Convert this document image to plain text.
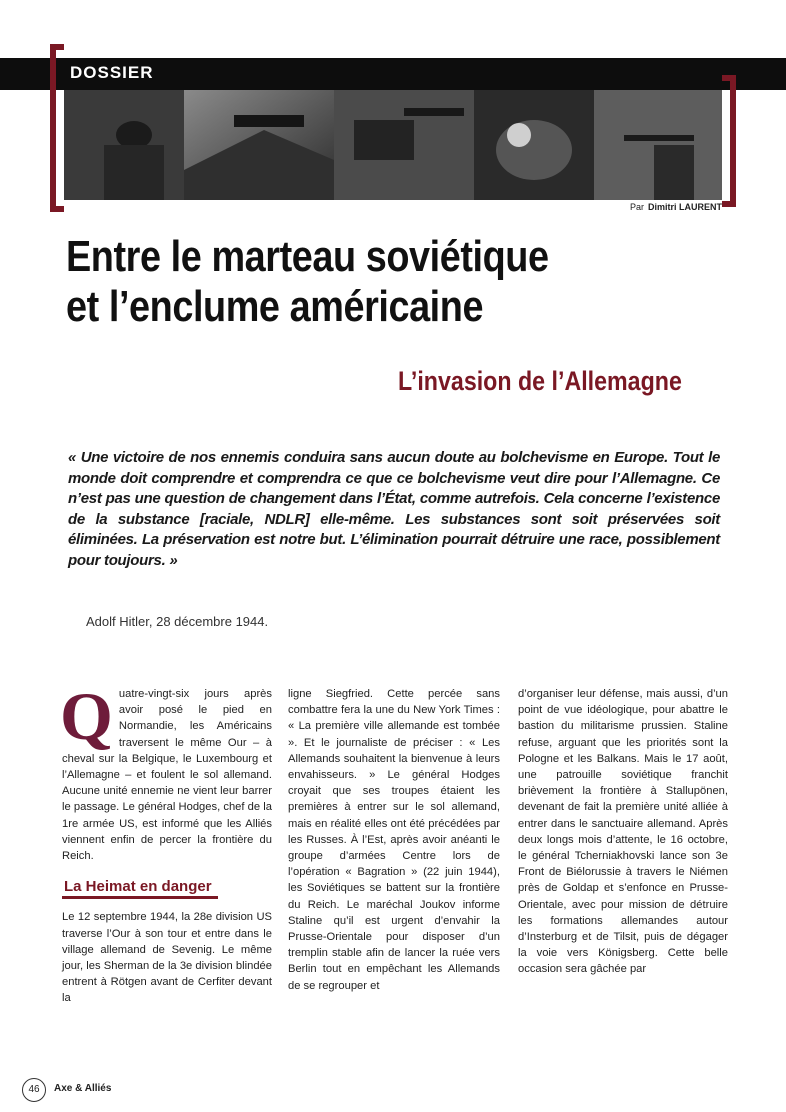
DOSSIER
Par Dimitri LAURENT
Entre le marteau soviétique
et l’enclume américaine
L’invasion de l’Allemagne

« Une victoire de nos ennemis conduira sans aucun doute au bolchevisme en Europe. Tout le monde doit comprendre et comprendra ce que ce bolchevisme veut dire pour l’Allemagne. Ce n’est pas une question de changement dans l’État, comme autrefois. Cela concerne l’existence de la substance [raciale, NDLR] elle-même. Les substances sont soit préservées soit éliminées. La préservation est notre but. L’élimination pourrait détruire une race, possiblement pour toujours. »

Adolf Hitler, 28 décembre 1944.
Q uatre-vingt-six jours après avoir posé le pied en Normandie, les Américains traversent le même Our – à cheval sur la Belgique, le Luxembourg et l’Allemagne – et foulent le sol allemand. Aucune unité ennemie ne vient leur barrer le passage. Le général Hodges, chef de la 1re armée US, est informé que les Alliés viennent enfin de percer la frontière du Reich.

La Heimat en danger

Le 12 septembre 1944, la 28e division US traverse l’Our à son tour et entre dans le village allemand de Sevenig. Le même jour, les Sherman de la 3e division blindée entrent à Rötgen avant de Cerfiter devant la

ligne Siegfried. Cette percée sans combattre fera la une du New York Times : « La première ville allemande est tombée ». Et le journaliste de préciser : « Les Allemands souhaitent la bienvenue à leurs envahisseurs. » Le général Hodges croyait que ses troupes étaient les premières à entrer sur le sol allemand, mais en réalité elles ont été précédées par les Russes. À l’Est, après avoir anéanti le groupe d’armées Centre lors de l’opération « Bagration » (22 juin 1944), les Soviétiques se battent sur la frontière du Reich. Le maréchal Joukov informe Staline qu’il est urgent d’envahir la Prusse-Orientale pour disposer d’un tremplin stable afin de lancer la ruée vers Berlin tout en empêchant les Allemands de se regrouper et

d’organiser leur défense, mais aussi, d’un point de vue idéologique, pour abattre le bastion du militarisme prussien. Staline refuse, arguant que les priorités sont la Pologne et les Balkans. Mais le 17 août, une patrouille soviétique franchit brièvement la frontière à Stallupönen, devenant de fait la première unité alliée à entrer dans le sanctuaire allemand. Après deux longs mois d’attente, le 16 octobre, le général Tcherniakhovski lance son 3e Front de Biélorussie à travers le Niémen près de Goldap et s’enfonce en Prusse-Orientale, avec pour mission de détruire les formations allemandes autour d’Insterburg et de Tilsit, puis de dégager la voie vers Königsberg. Cette belle occasion sera gâchée par

46	Axe & Alliés
